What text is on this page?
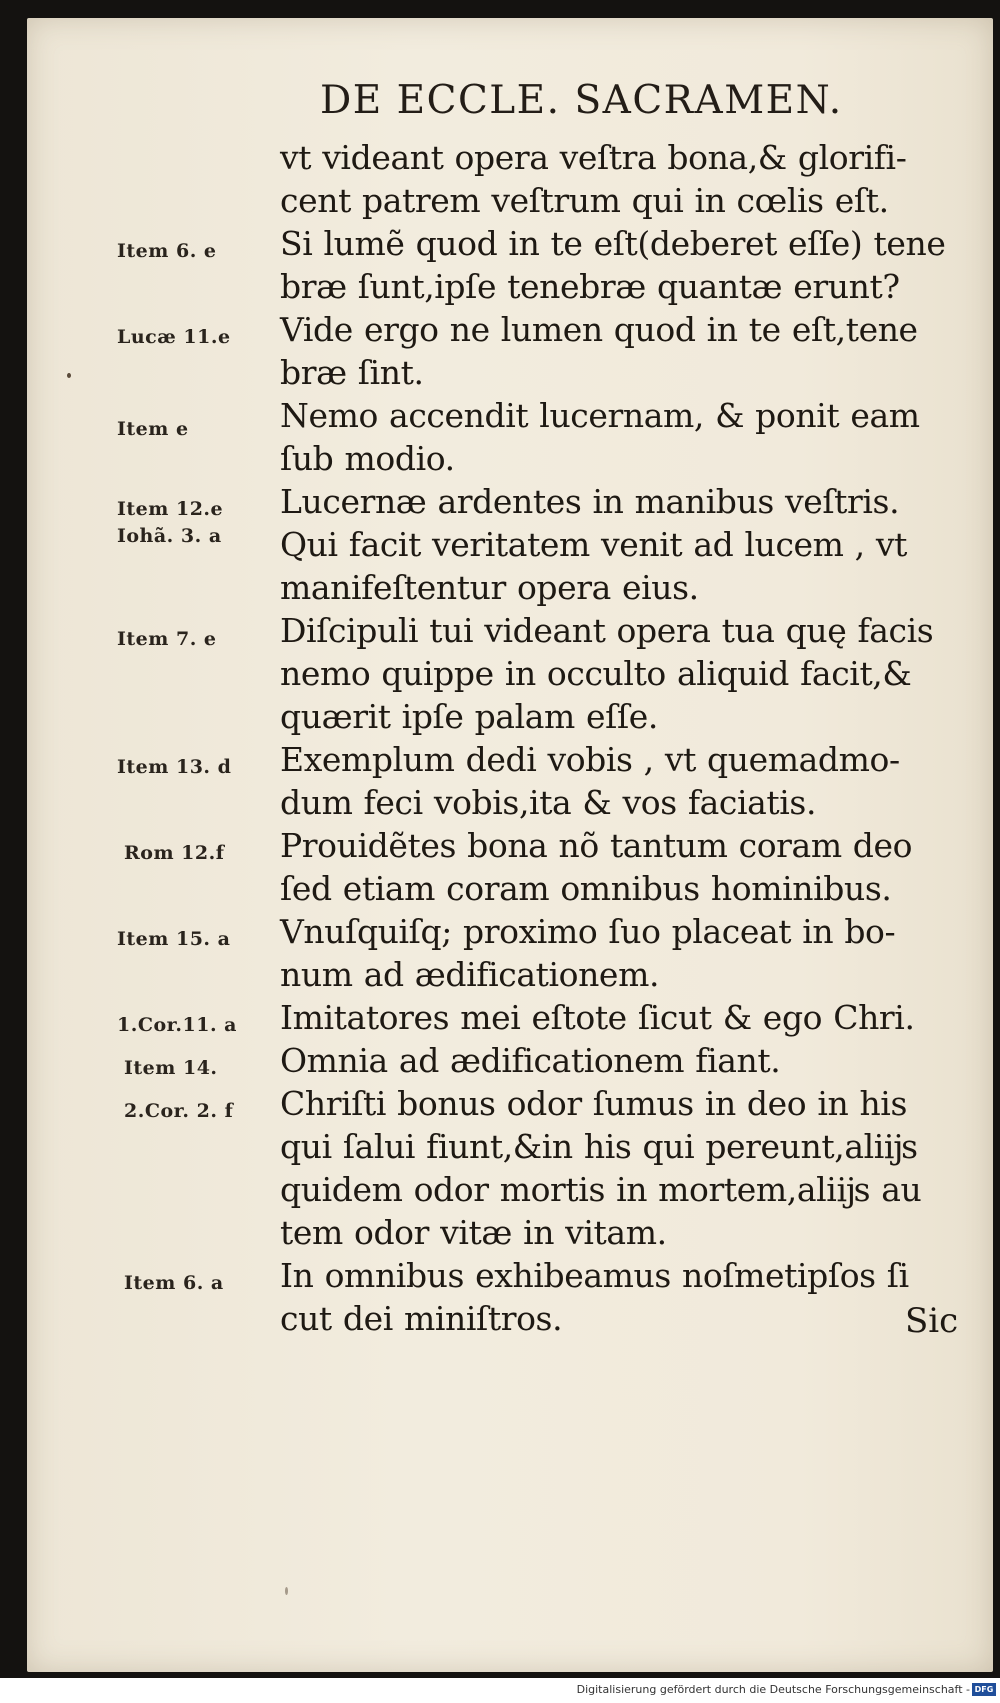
DE ECCLE. SACRAMEN.
vt videant opera veſtra bona,& glorifi-
cent patrem veſtrum qui in cœlis eſt.
Si lumẽ quod in te eſt(deberet eſſe) tene
bræ ſunt,ipſe tenebræ quantæ erunt?
Vide ergo ne lumen quod in te eſt,tene
bræ ſint.
Nemo accendit lucernam, & ponit eam
ſub modio.
Lucernæ ardentes in manibus veſtris.
Qui facit veritatem venit ad lucem , vt
manifeſtentur opera eius.
Diſcipuli tui videant opera tua quę facis
nemo quippe in occulto aliquid facit,&
quærit ipſe palam eſſe.
Exemplum dedi vobis , vt quemadmo-
dum feci vobis,ita & vos faciatis.
Prouidẽtes bona nõ tantum coram deo
ſed etiam coram omnibus hominibus.
Vnuſquiſq; proximo ſuo placeat in bo-
num ad ædificationem.
Imitatores mei eſtote ſicut & ego Chri.
Omnia ad ædificationem fiant.
Chriſti bonus odor ſumus in deo in his
qui ſalui fiunt,&in his qui pereunt,aliĳs
quidem odor mortis in mortem,aliĳs au
tem odor vitæ in vitam.
In omnibus exhibeamus noſmetipſos ſi
cut dei miniſtros.
Item 6. e
Lucæ 11.e
Item e
Item 12.e
Iohã. 3. a
Item 7. e
Item 13. d
Rom 12.f
Item 15. a
1.Cor.11. a
Item 14.
2.Cor. 2. f
Item 6. a
Sic
Digitalisierung gefördert durch die Deutsche Forschungsgemeinschaft - DFG
